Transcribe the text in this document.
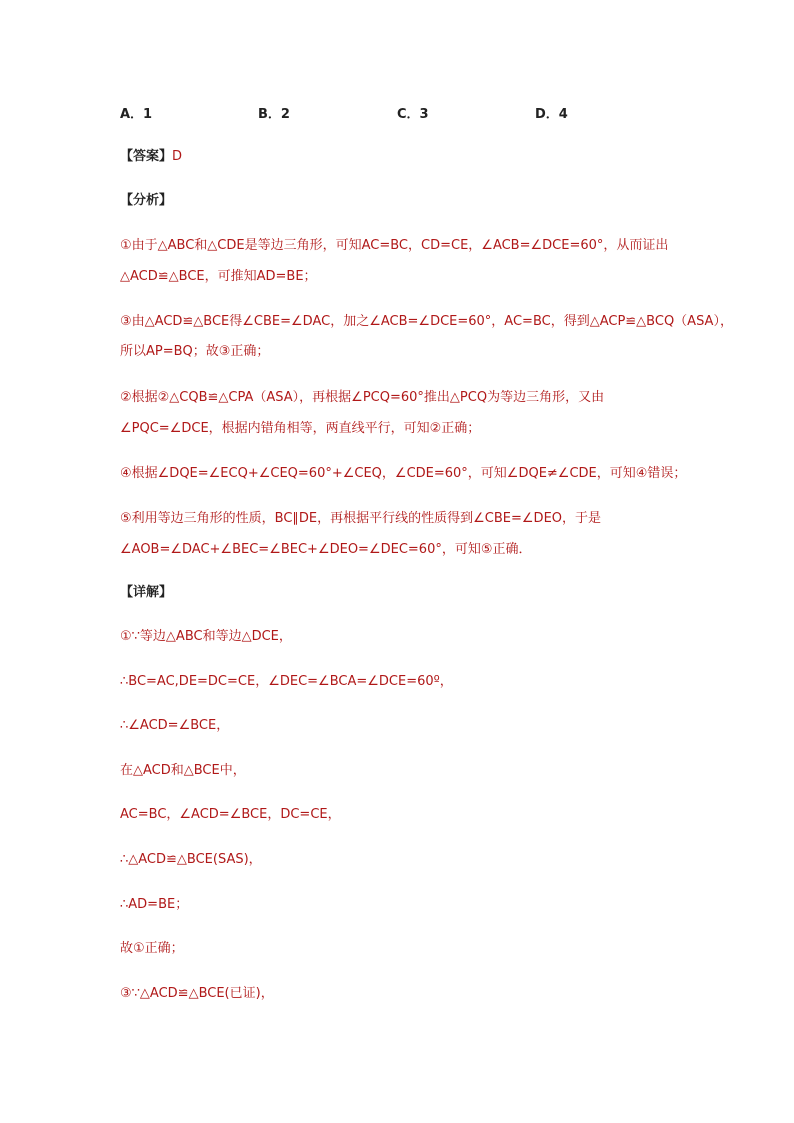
A．1	B．2	C．3	D．4
【答案】D
【分析】
①由于△ABC和△CDE是等边三角形，可知AC=BC，CD=CE，∠ACB=∠DCE=60°，从而证出
△ACD≌△BCE，可推知AD=BE；
③由△ACD≌△BCE得∠CBE=∠DAC，加之∠ACB=∠DCE=60°，AC=BC，得到△ACP≌△BCQ（ASA），
所以AP=BQ；故③正确；
②根据②△CQB≌△CPA（ASA），再根据∠PCQ=60°推出△PCQ为等边三角形，又由
∠PQC=∠DCE，根据内错角相等，两直线平行，可知②正确；
④根据∠DQE=∠ECQ+∠CEQ=60°+∠CEQ，∠CDE=60°，可知∠DQE≠∠CDE，可知④错误；
⑤利用等边三角形的性质，BC∥DE，再根据平行线的性质得到∠CBE=∠DEO，于是
∠AOB=∠DAC+∠BEC=∠BEC+∠DEO=∠DEC=60°，可知⑤正确．
【详解】
①∵等边△ABC和等边△DCE，
∴BC=AC,DE=DC=CE，∠DEC=∠BCA=∠DCE=60º，
∴∠ACD=∠BCE，
在△ACD和△BCE中，
AC=BC，∠ACD=∠BCE，DC=CE，
∴△ACD≌△BCE(SAS)，
∴AD=BE；
故①正确；
③∵△ACD≌△BCE(已证)，
